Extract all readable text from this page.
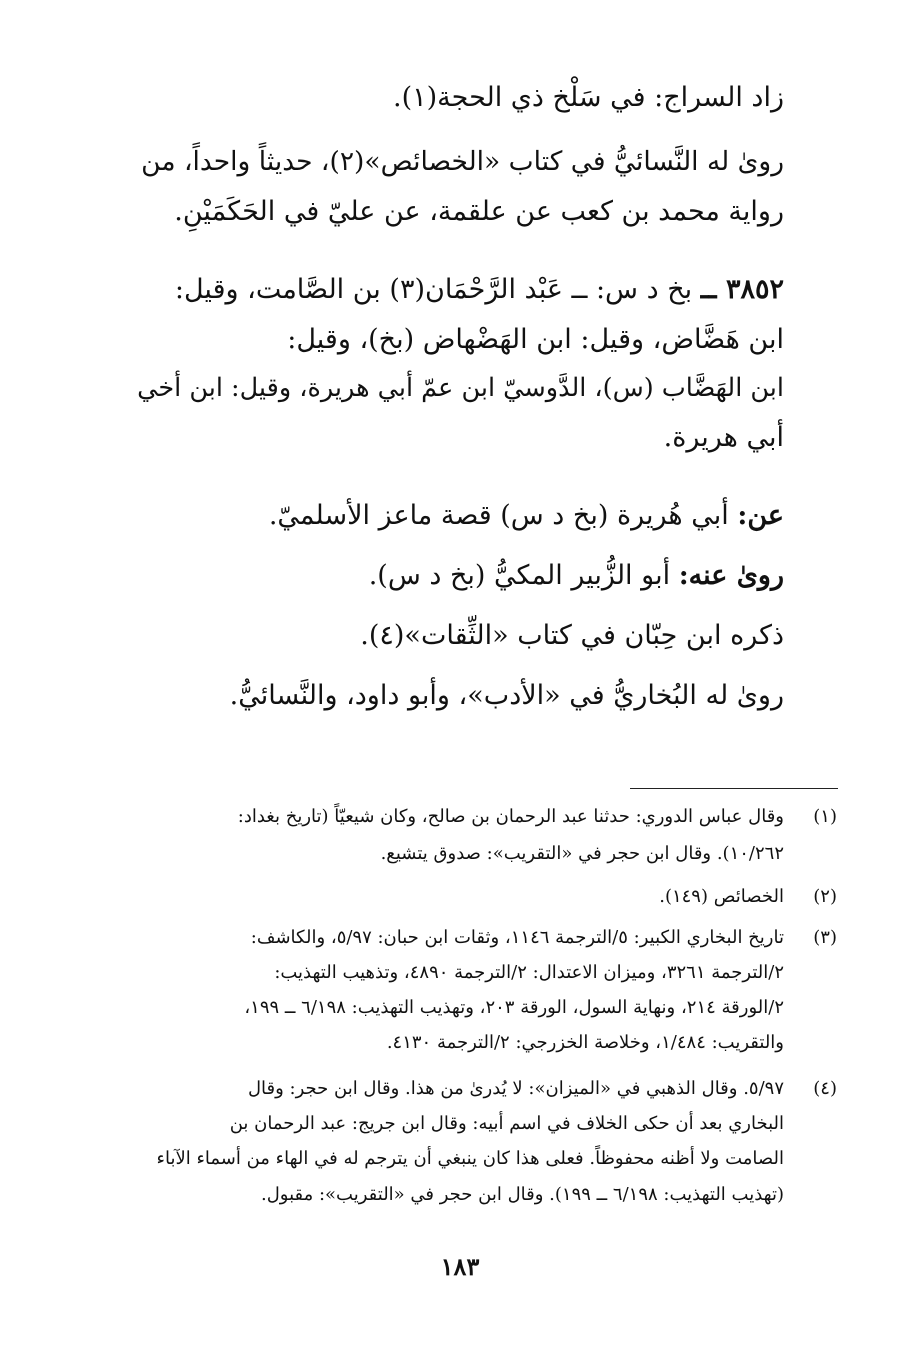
زاد السراج: في سَلْخ ذي الحجة(١).
روىٰ له النَّسائيُّ في كتاب «الخصائص»(٢)، حديثاً واحداً، من
رواية محمد بن كعب عن علقمة، عن عليّ في الحَكَمَيْنِ.
٣٨٥٢ ــ بخ د س: ــ عَبْد الرَّحْمَان(٣) بن الصَّامت، وقيل:
ابن هَضَّاض، وقيل: ابن الهَضْهاض (بخ)، وقيل:
ابن الهَضَّاب (س)، الدَّوسيّ ابن عمّ أبي هريرة، وقيل: ابن أخي
أبي هريرة.
عن: أبي هُريرة (بخ د س) قصة ماعز الأسلميّ.
روىٰ عنه: أبو الزُّبير المكيُّ (بخ د س).
ذكره ابن حِبّان في كتاب «الثِّقات»(٤).
روىٰ له البُخاريُّ في «الأدب»، وأبو داود، والنَّسائيُّ.
(١)
وقال عباس الدوري: حدثنا عبد الرحمان بن صالح، وكان شيعيّاً (تاريخ بغداد:
١٠/٢٦٢). وقال ابن حجر في «التقريب»: صدوق يتشيع.
(٢)
الخصائص (١٤٩).
(٣)
تاريخ البخاري الكبير: ٥/الترجمة ١١٤٦، وثقات ابن حبان: ٥/٩٧، والكاشف:
٢/الترجمة ٣٢٦١، وميزان الاعتدال: ٢/الترجمة ٤٨٩٠، وتذهيب التهذيب:
٢/الورقة ٢١٤، ونهاية السول، الورقة ٢٠٣، وتهذيب التهذيب: ٦/١٩٨ ــ ١٩٩،
والتقريب: ١/٤٨٤، وخلاصة الخزرجي: ٢/الترجمة ٤١٣٠.
(٤)
٥/٩٧. وقال الذهبي في «الميزان»: لا يُدرىٰ من هذا. وقال ابن حجر: وقال
البخاري بعد أن حكى الخلاف في اسم أبيه: وقال ابن جريج: عبد الرحمان بن
الصامت ولا أظنه محفوظاً. فعلى هذا كان ينبغي أن يترجم له في الهاء من أسماء الآباء
(تهذيب التهذيب: ٦/١٩٨ ــ ١٩٩). وقال ابن حجر في «التقريب»: مقبول.
١٨٣
